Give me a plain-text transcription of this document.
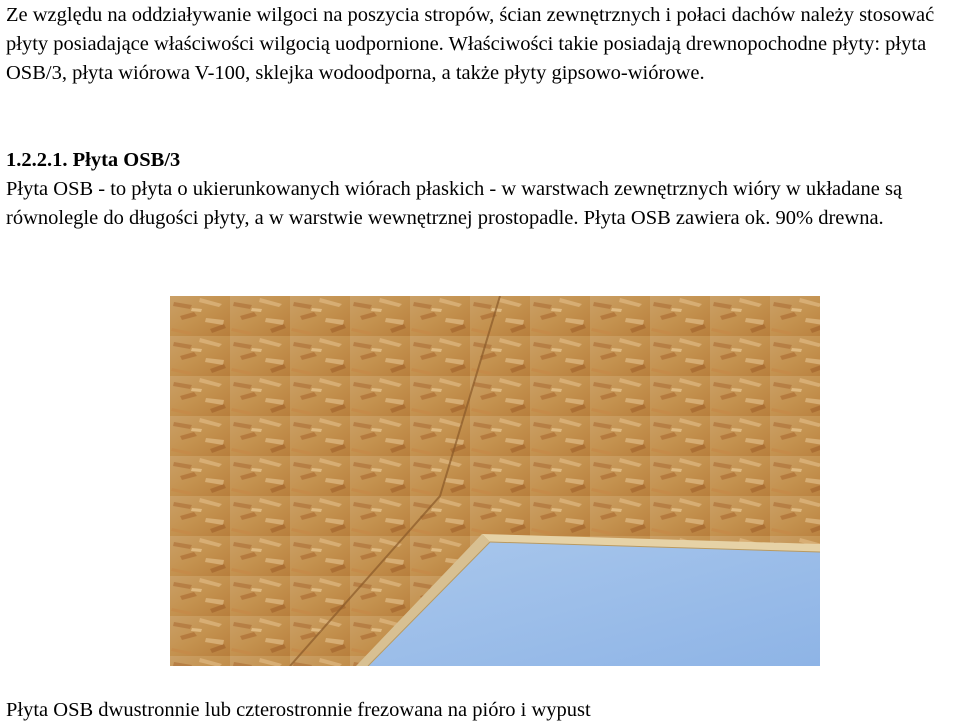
Ze względu na oddziaływanie wilgoci na poszycia stropów, ścian zewnętrznych i połaci dachów należy stosować płyty posiadające właściwości wilgocią uodpornione. Właściwości takie posiadają drewnopochodne płyty: płyta OSB/3, płyta wiórowa V-100, sklejka wodoodporna, a także płyty gipsowo-wiórowe.

1.2.2.1. Płyta OSB/3

Płyta OSB - to płyta o ukierunkowanych wiórach płaskich - w warstwach zewnętrznych wióry w układane są równolegle do długości płyty, a w warstwie wewnętrznej prostopadle. Płyta OSB zawiera ok. 90% drewna.

Płyta OSB dwustronnie lub czterostronnie frezowana na pióro i wypust
